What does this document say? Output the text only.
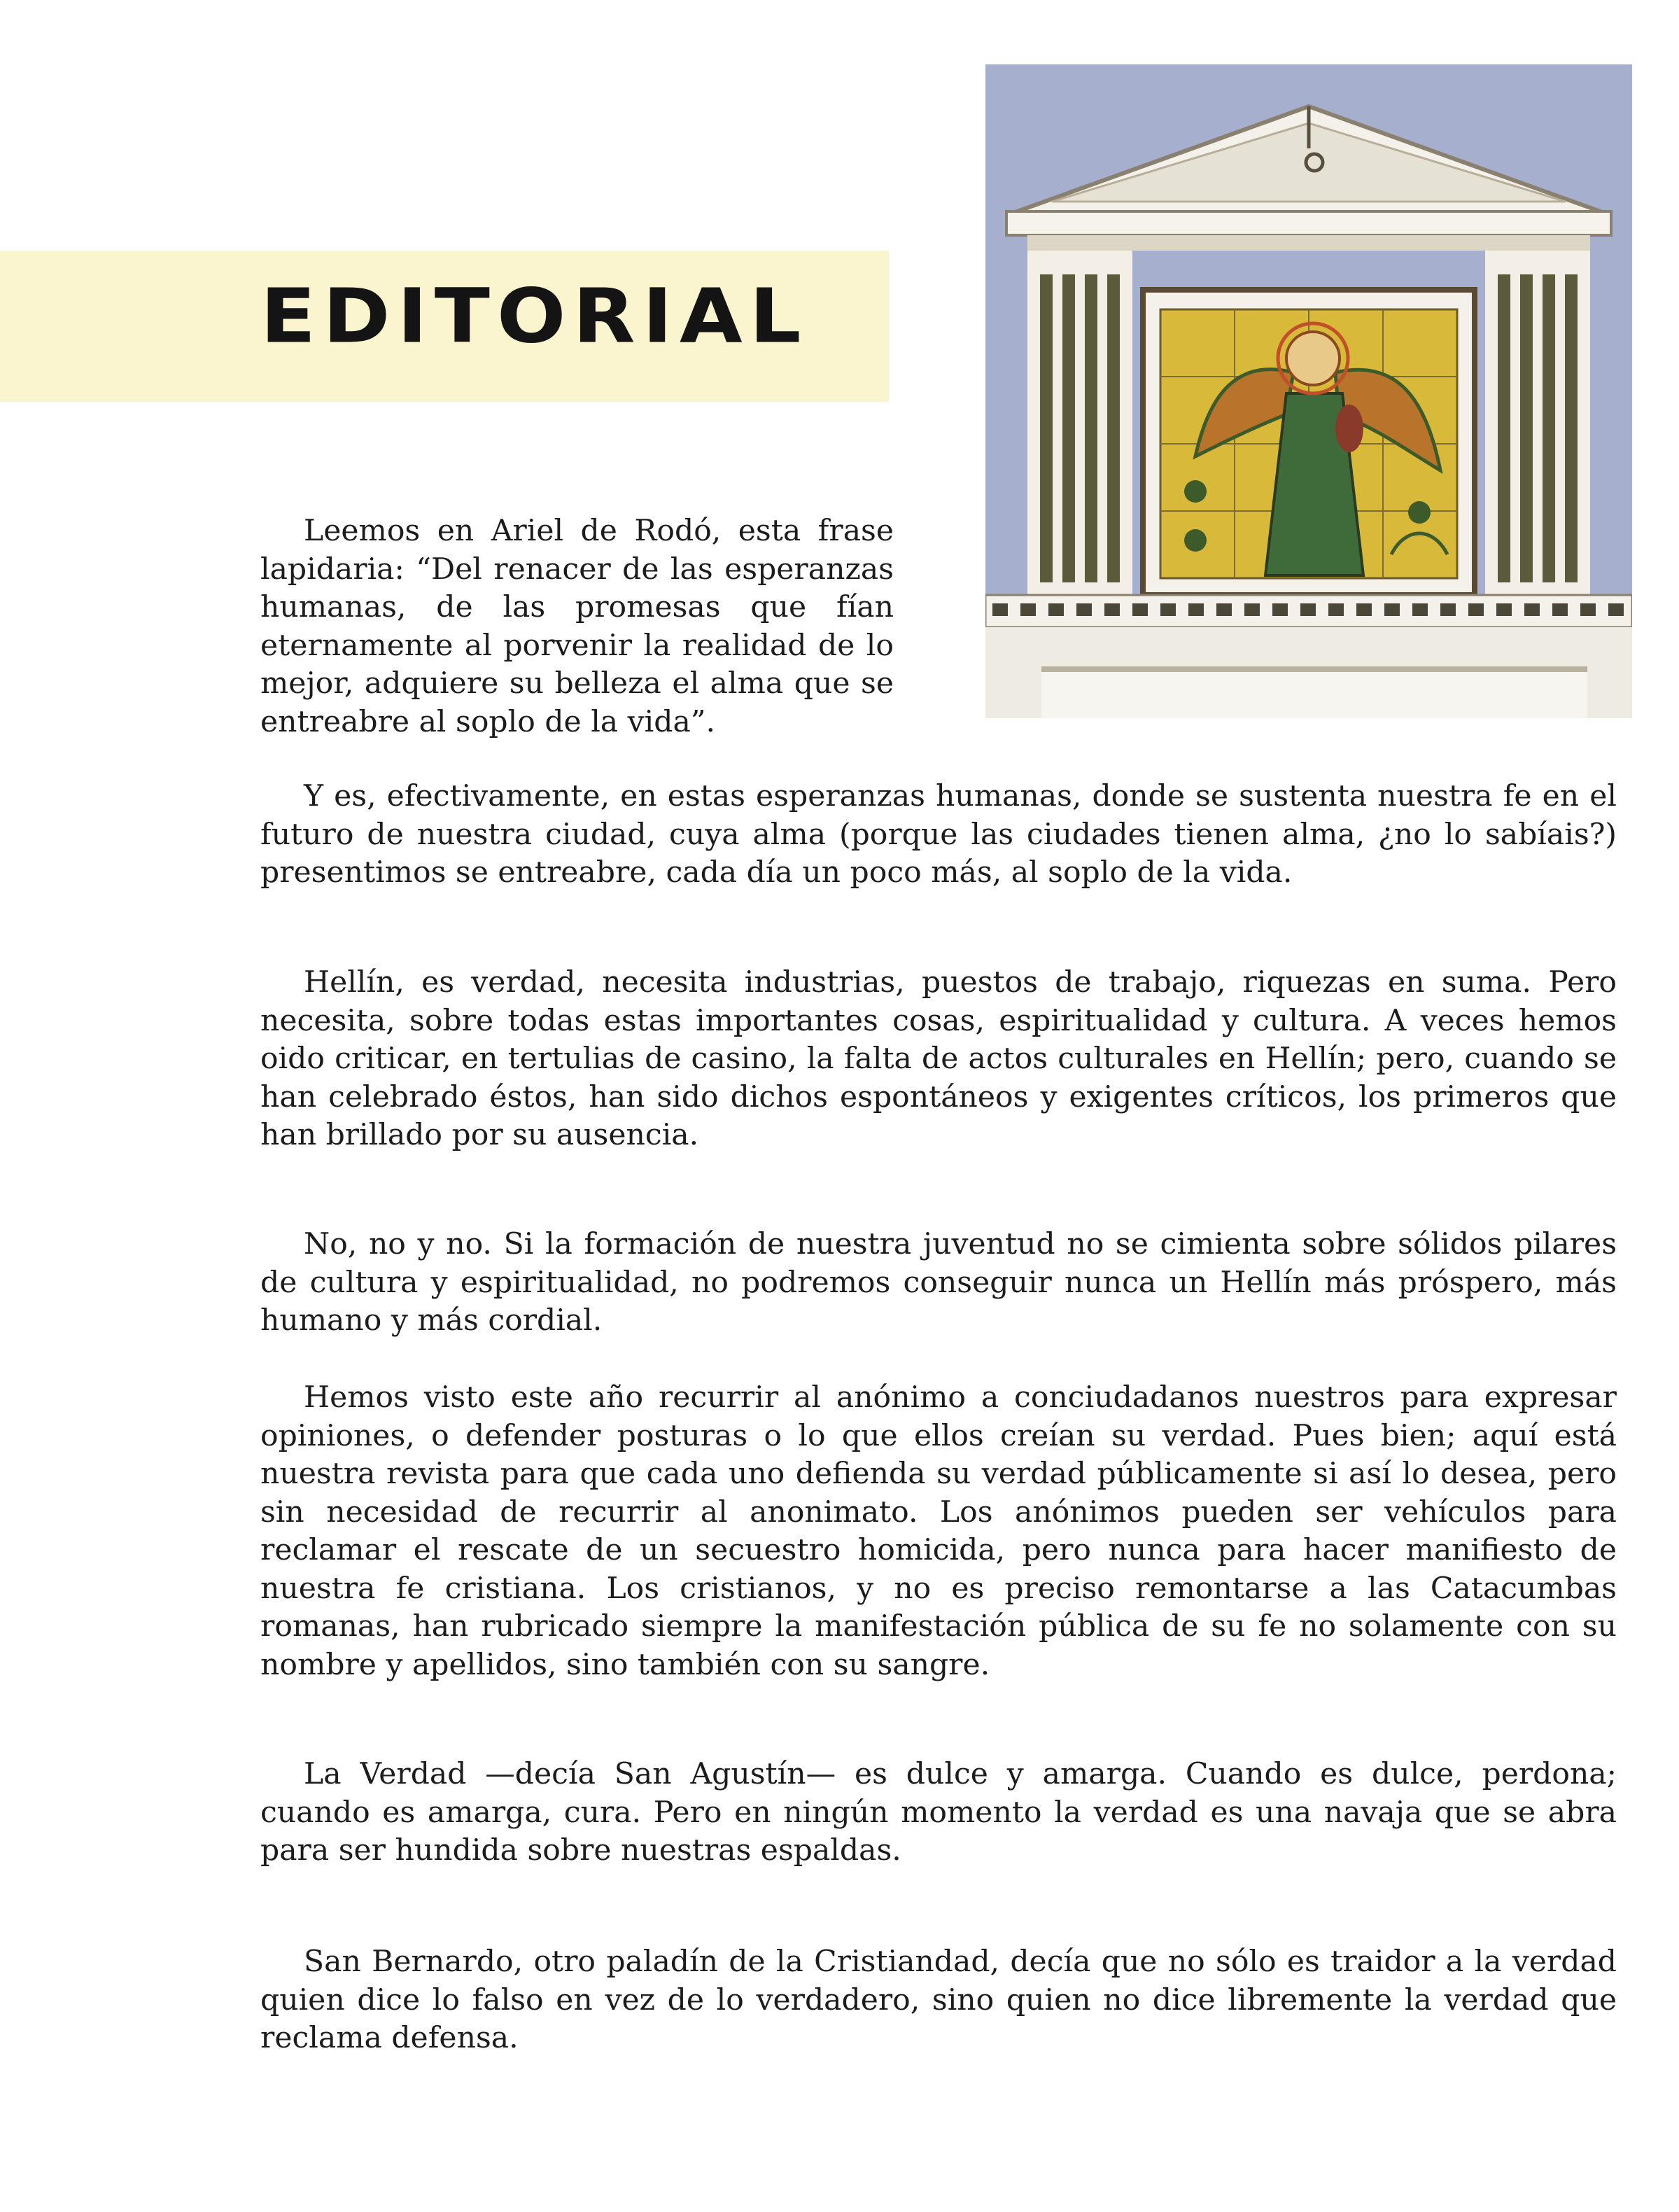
EDITORIAL

Leemos en Ariel de Rodó, esta frase lapidaria: “Del renacer de las esperanzas humanas, de las promesas que fían eternamente al porvenir la realidad de lo mejor, adquiere su belleza el alma que se entreabre al soplo de la vida”.

Y es, efectivamente, en estas esperanzas humanas, donde se sustenta nuestra fe en el futuro de nuestra ciudad, cuya alma (porque las ciudades tienen alma, ¿no lo sabíais?) presentimos se entreabre, cada día un poco más, al soplo de la vida.

Hellín, es verdad, necesita industrias, puestos de trabajo, riquezas en suma. Pero necesita, sobre todas estas importantes cosas, espiritualidad y cultura. A veces hemos oido criticar, en tertulias de casino, la falta de actos culturales en Hellín; pero, cuando se han celebrado éstos, han sido dichos espontáneos y exigentes críticos, los primeros que han brillado por su ausencia.

No, no y no. Si la formación de nuestra juventud no se cimienta sobre sólidos pilares de cultura y espiritualidad, no podremos conseguir nunca un Hellín más próspero, más humano y más cordial.

Hemos visto este año recurrir al anónimo a conciudadanos nuestros para expresar opiniones, o defender posturas o lo que ellos creían su verdad. Pues bien; aquí está nuestra revista para que cada uno defienda su verdad públicamente si así lo desea, pero sin necesidad de recurrir al anonimato. Los anónimos pueden ser vehículos para reclamar el rescate de un secuestro homicida, pero nunca para hacer manifiesto de nuestra fe cristiana. Los cristianos, y no es preciso remontarse a las Catacumbas romanas, han rubricado siempre la manifestación pública de su fe no solamente con su nombre y apellidos, sino también con su sangre.

La Verdad —decía San Agustín— es dulce y amarga. Cuando es dulce, perdona; cuando es amarga, cura. Pero en ningún momento la verdad es una navaja que se abra para ser hundida sobre nuestras espaldas.

San Bernardo, otro paladín de la Cristiandad, decía que no sólo es traidor a la verdad quien dice lo falso en vez de lo verdadero, sino quien no dice libremente la verdad que reclama defensa.
